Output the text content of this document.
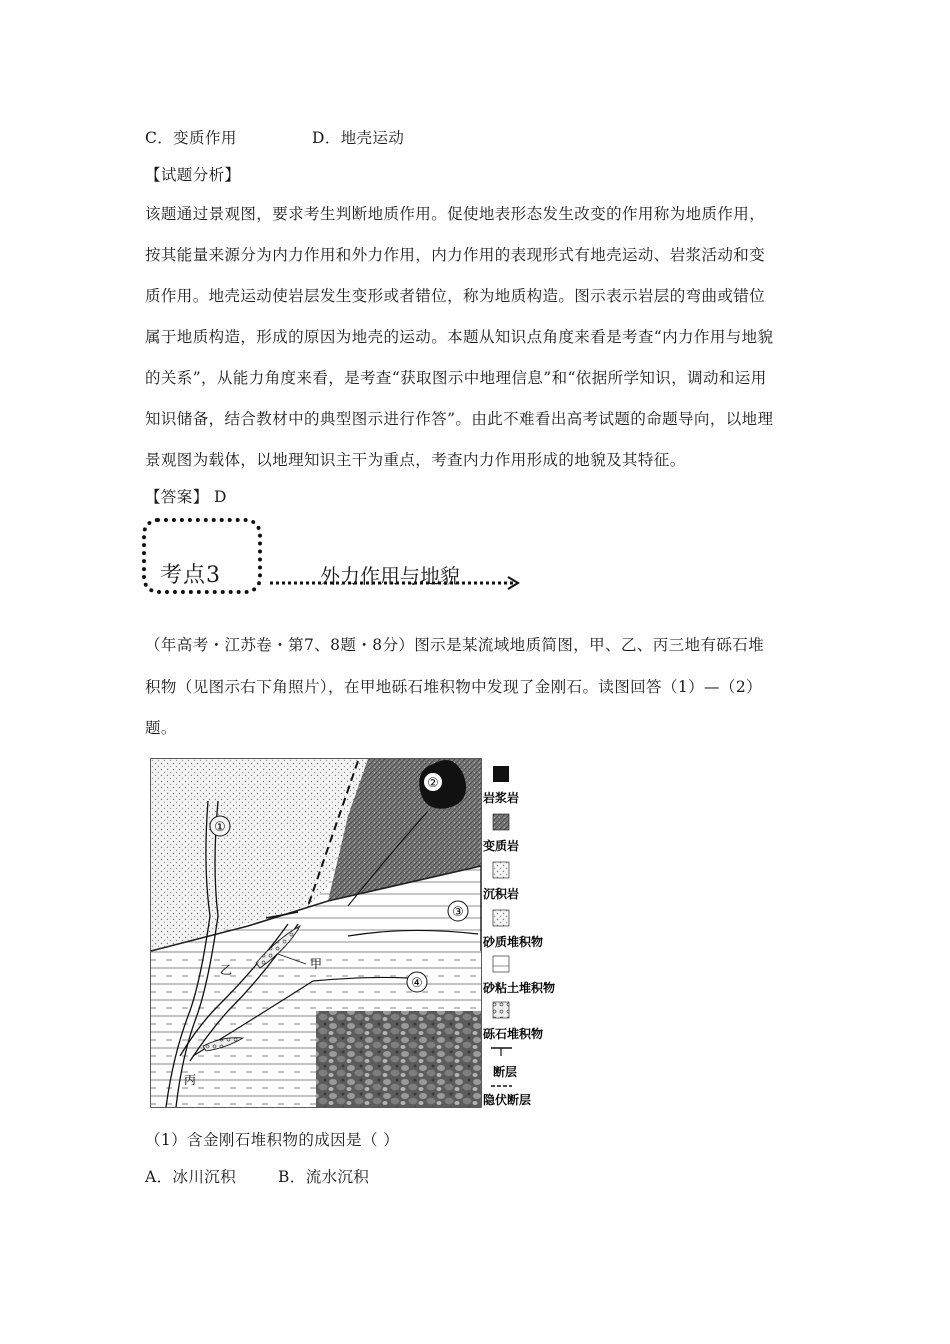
C．变质作用	D．地壳运动
【试题分析】
该题通过景观图，要求考生判断地质作用。促使地表形态发生改变的作用称为地质作用，
按其能量来源分为内力作用和外力作用，内力作用的表现形式有地壳运动、岩浆活动和变
质作用。地壳运动使岩层发生变形或者错位，称为地质构造。图示表示岩层的弯曲或错位
属于地质构造，形成的原因为地壳的运动。本题从知识点角度来看是考查“内力作用与地貌
的关系”，从能力角度来看，是考查“获取图示中地理信息”和“依据所学知识，调动和运用
知识储备，结合教材中的典型图示进行作答”。由此不难看出高考试题的命题导向，以地理
景观图为载体，以地理知识主干为重点，考查内力作用形成的地貌及其特征。
【答案】 D
考点3	外力作用与地貌
（年高考・江苏卷・第7、8题・8分）图示是某流域地质简图，甲、乙、丙三地有砾石堆
积物（见图示右下角照片），在甲地砾石堆积物中发现了金刚石。读图回答（1）—（2）
题。
②
①
③
④
甲
乙
丙
岩浆岩
变质岩
沉积岩
砂质堆积物
砂粘土堆积物
砾石堆积物
断层
隐伏断层
（1）含金刚石堆积物的成因是（ ）
A．冰川沉积	B．流水沉积
